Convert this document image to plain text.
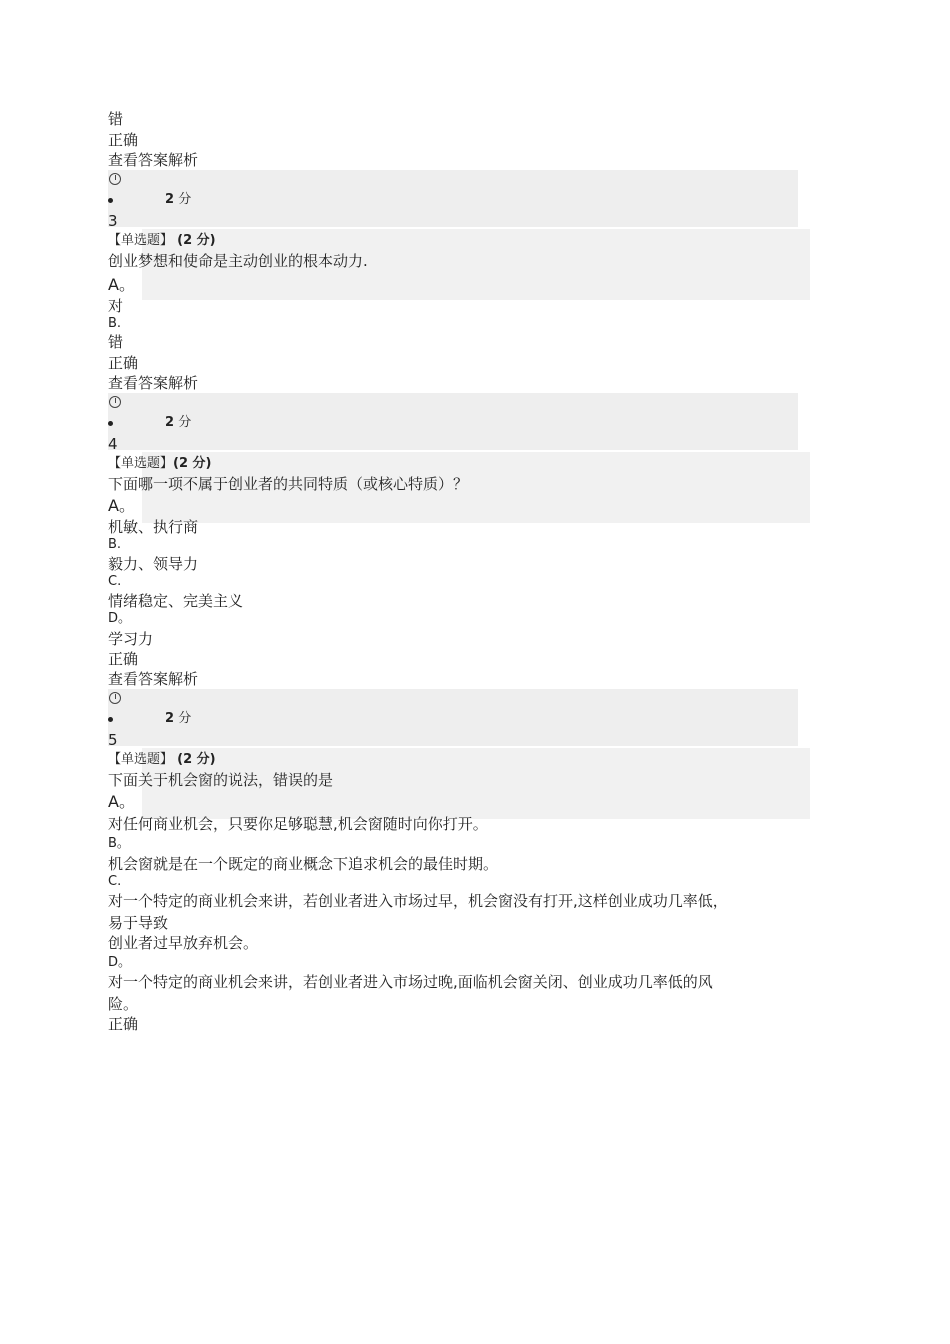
错
正确
查看答案解析
2 分
3
【单选题】 (2 分)
创业梦想和使命是主动创业的根本动力.
A。
对
B.
错
正确
查看答案解析
2 分
4
【单选题】(2 分)
下面哪一项不属于创业者的共同特质（或核心特质）？
A。
机敏、执行商
B.
毅力、领导力
C.
情绪稳定、完美主义
D。
学习力
正确
查看答案解析
2 分
5
【单选题】 (2 分)
下面关于机会窗的说法，错误的是
A。
对任何商业机会，只要你足够聪慧,机会窗随时向你打开。
B。
机会窗就是在一个既定的商业概念下追求机会的最佳时期。
C.
对一个特定的商业机会来讲，若创业者进入市场过早，机会窗没有打开,这样创业成功几率低，
易于导致
创业者过早放弃机会。
D。
对一个特定的商业机会来讲，若创业者进入市场过晚,面临机会窗关闭、创业成功几率低的风
险。
正确
